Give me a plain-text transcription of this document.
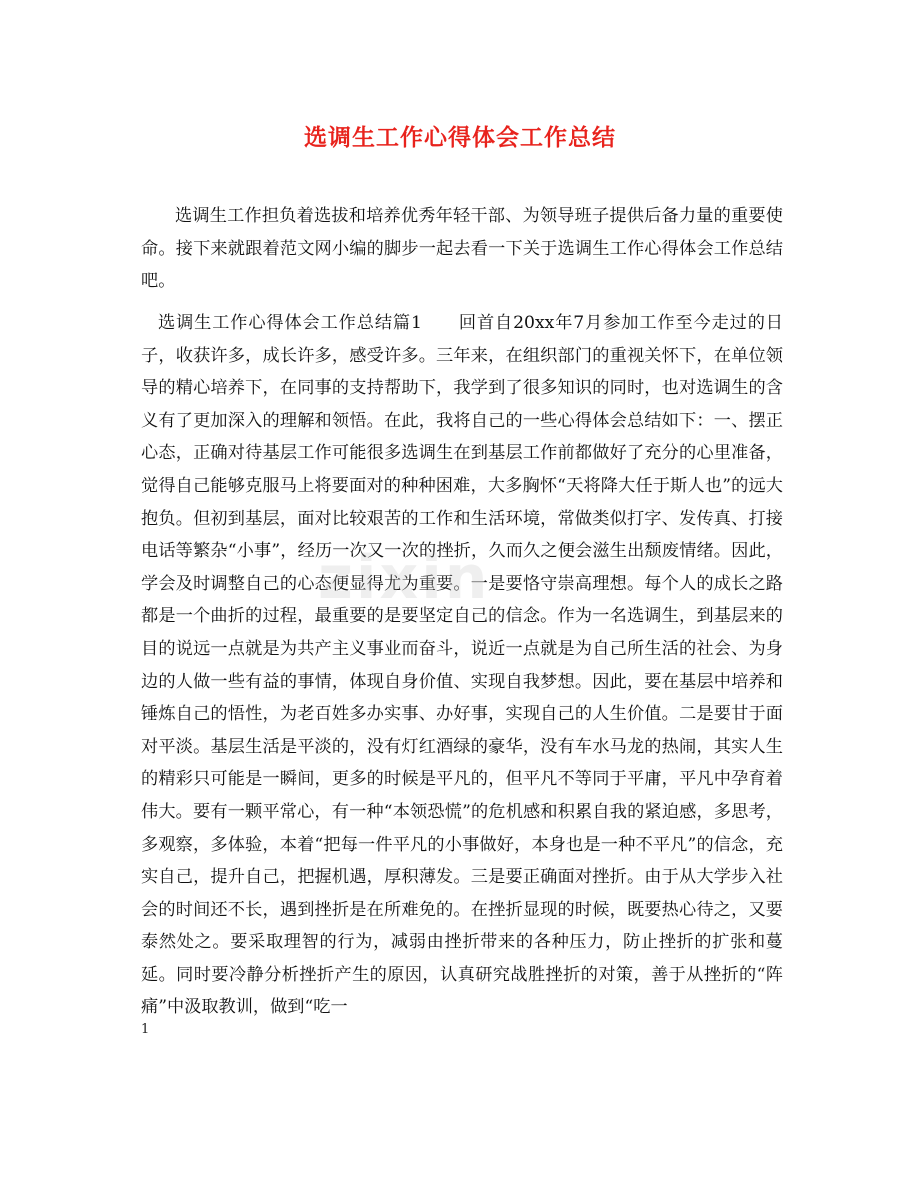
选调生工作心得体会工作总结

选调生工作担负着选拔和培养优秀年轻干部、为领导班子提供后备力量的重要使命。接下来就跟着范文网小编的脚步一起去看一下关于选调生工作心得体会工作总结吧。

选调生工作心得体会工作总结篇1　　回首自20xx年7月参加工作至今走过的日子，收获许多，成长许多，感受许多。三年来，在组织部门的重视关怀下，在单位领导的精心培养下，在同事的支持帮助下，我学到了很多知识的同时，也对选调生的含义有了更加深入的理解和领悟。在此，我将自己的一些心得体会总结如下：一、摆正心态，正确对待基层工作可能很多选调生在到基层工作前都做好了充分的心里准备，觉得自己能够克服马上将要面对的种种困难，大多胸怀“天将降大任于斯人也”的远大抱负。但初到基层，面对比较艰苦的工作和生活环境，常做类似打字、发传真、打接电话等繁杂“小事”，经历一次又一次的挫折，久而久之便会滋生出颓废情绪。因此，学会及时调整自己的心态便显得尤为重要。一是要恪守崇高理想。每个人的成长之路都是一个曲折的过程，最重要的是要坚定自己的信念。作为一名选调生，到基层来的目的说远一点就是为共产主义事业而奋斗，说近一点就是为自己所生活的社会、为身边的人做一些有益的事情，体现自身价值、实现自我梦想。因此，要在基层中培养和锤炼自己的悟性，为老百姓多办实事、办好事，实现自己的人生价值。二是要甘于面对平淡。基层生活是平淡的，没有灯红酒绿的豪华，没有车水马龙的热闹，其实人生的精彩只可能是一瞬间，更多的时候是平凡的，但平凡不等同于平庸，平凡中孕育着伟大。要有一颗平常心，有一种“本领恐慌”的危机感和积累自我的紧迫感，多思考，多观察，多体验，本着“把每一件平凡的小事做好，本身也是一种不平凡”的信念，充实自己，提升自己，把握机遇，厚积薄发。三是要正确面对挫折。由于从大学步入社会的时间还不长，遇到挫折是在所难免的。在挫折显现的时候，既要热心待之，又要泰然处之。要采取理智的行为，减弱由挫折带来的各种压力，防止挫折的扩张和蔓延。同时要冷静分析挫折产生的原因，认真研究战胜挫折的对策，善于从挫折的“阵痛”中汲取教训，做到“吃一

zixin
1
